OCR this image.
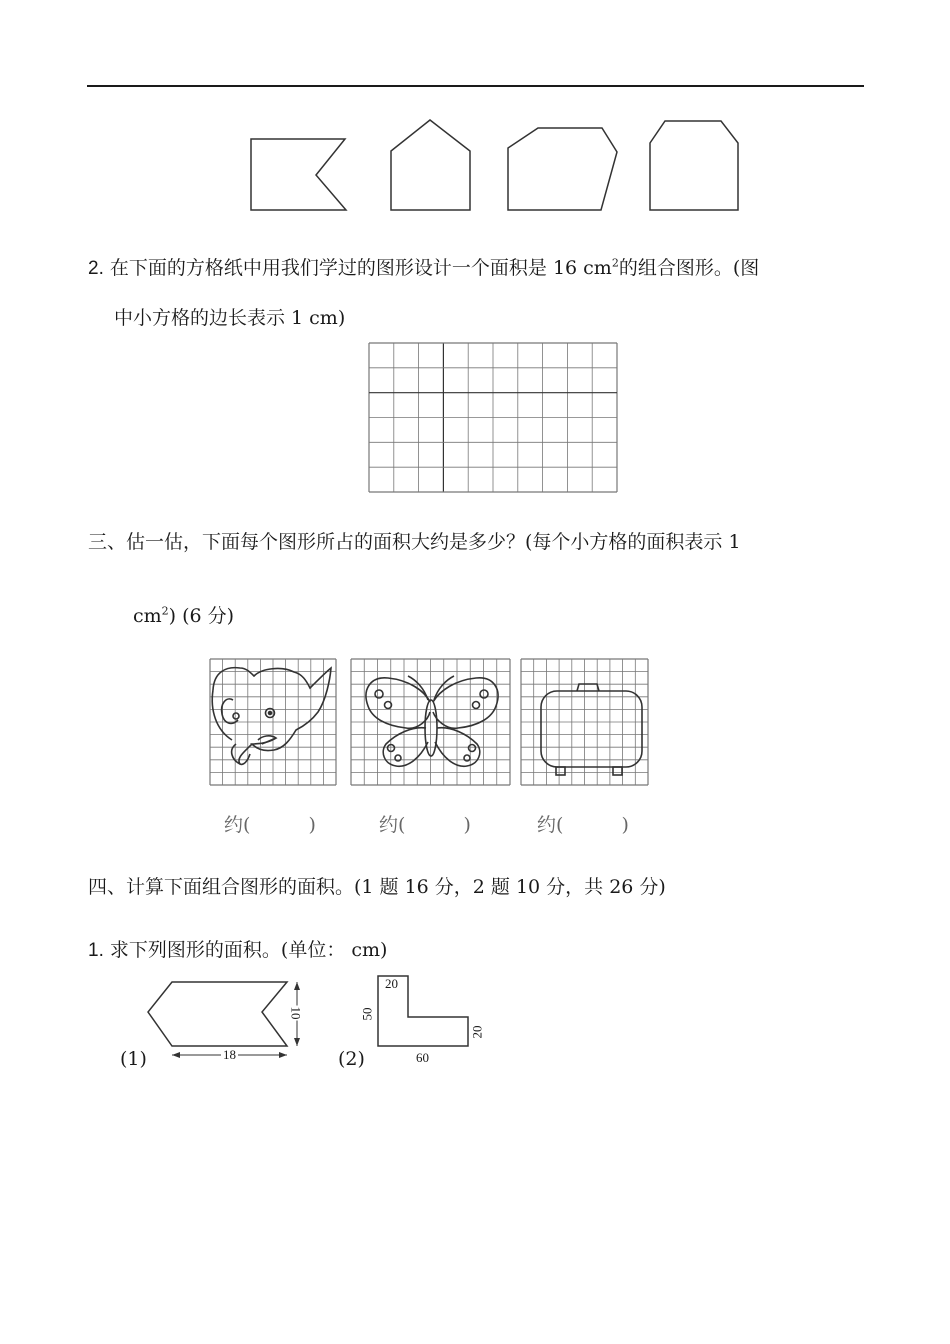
2. 在下面的方格纸中用我们学过的图形设计一个面积是 16 $cm^2$的组合图形。(图
中小方格的边长表示 1 cm)
三、估一估，下面每个图形所占的面积大约是多少？(每个小方格的面积表示 1
$cm^2$) (6 分)
约(	)	约(	)	约(	)
四、计算下面组合图形的面积。(1 题 16 分，2 题 10 分，共 26 分)
1. 求下列图形的面积。(单位： cm)
10
18
(1)
20
50
20
60
(2)
